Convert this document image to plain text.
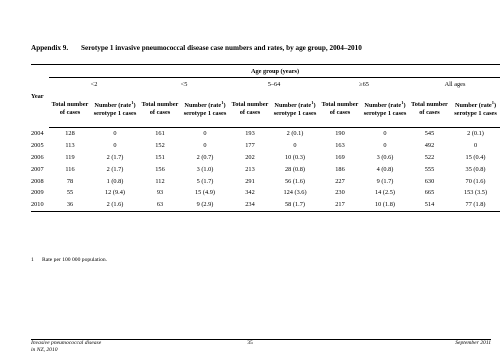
Appendix 9. Serotype 1 invasive pneumococcal disease case numbers and rates, by age group, 2004–2010
Year	Age group (years)									
	<2		<5		5–64		≥65		All ages	
	Total number of cases	Number (rate$^1$) serotype 1 cases	Total number of cases	Number (rate$^1$) serotype 1 cases	Total number of cases	Number (rate$^1$) serotype 1 cases	Total number of cases	Number (rate$^1$) serotype 1 cases	Total number of cases	Number (rate$^1$) serotype 1 cases
2004	128	0	161	0	193	2 (0.1)	190	0	545	2 (0.1)
2005	113	0	152	0	177	0	163	0	492	0
2006	119	2 (1.7)	151	2 (0.7)	202	10 (0.3)	169	3 (0.6)	522	15 (0.4)
2007	116	2 (1.7)	156	3 (1.0)	213	28 (0.8)	186	4 (0.8)	555	35 (0.8)
2008	78	1 (0.8)	112	5 (1.7)	291	56 (1.6)	227	9 (1.7)	630	70 (1.6)
2009	55	12 (9.4)	93	15 (4.9)	342	124 (3.6)	230	14 (2.5)	665	153 (3.5)
2010	36	2 (1.6)	63	9 (2.9)	234	58 (1.7)	217	10 (1.8)	514	77 (1.8)
1 Rate per 100 000 population.
Invasive pneumococcal disease
in NZ, 2010
35	September 2011
